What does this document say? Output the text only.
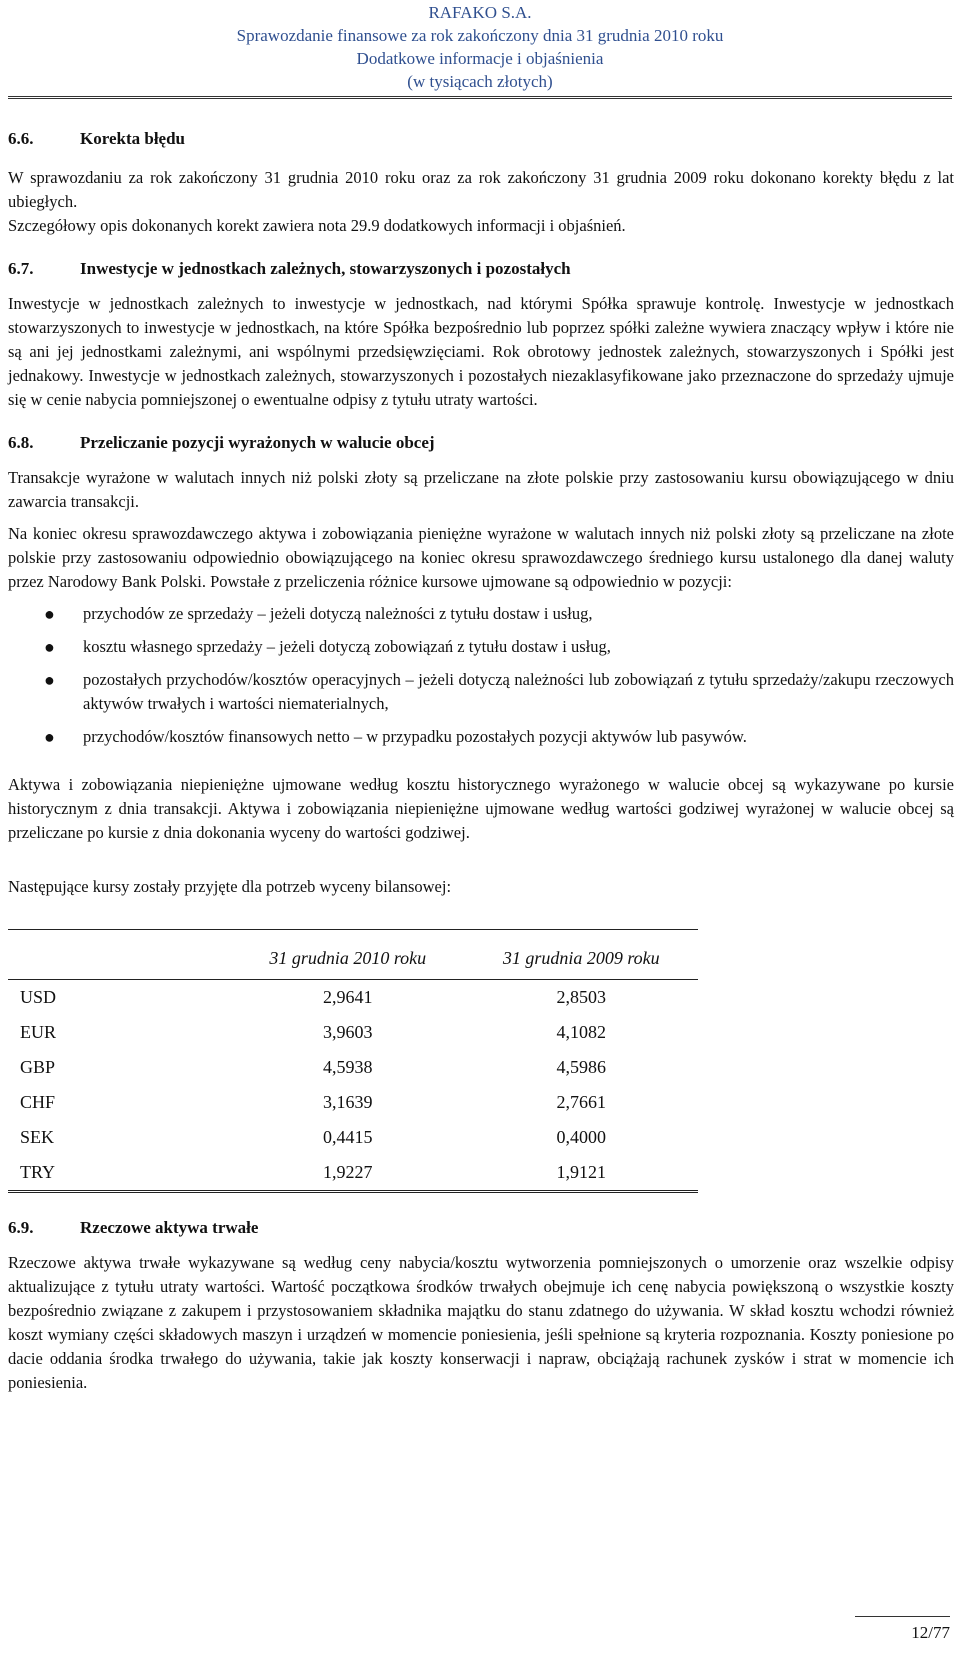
RAFAKO S.A.
Sprawozdanie finansowe za rok zakończony dnia 31 grudnia 2010 roku
Dodatkowe informacje i objaśnienia
(w tysiącach złotych)
6.6.	Korekta błędu

W sprawozdaniu za rok zakończony 31 grudnia 2010 roku oraz za rok zakończony 31 grudnia 2009 roku dokonano korekty błędu z lat ubiegłych.

Szczegółowy opis dokonanych korekt zawiera nota 29.9 dodatkowych informacji i objaśnień.

6.7.	Inwestycje w jednostkach zależnych, stowarzyszonych i pozostałych

Inwestycje w jednostkach zależnych to inwestycje w jednostkach, nad którymi Spółka sprawuje kontrolę. Inwestycje w jednostkach stowarzyszonych to inwestycje w jednostkach, na które Spółka bezpośrednio lub poprzez spółki zależne wywiera znaczący wpływ i które nie są ani jej jednostkami zależnymi, ani wspólnymi przedsięwzięciami. Rok obrotowy jednostek zależnych, stowarzyszonych i Spółki jest jednakowy. Inwestycje w jednostkach zależnych, stowarzyszonych i pozostałych niezaklasyfikowane jako przeznaczone do sprzedaży ujmuje się w cenie nabycia pomniejszonej o ewentualne odpisy z tytułu utraty wartości.

6.8.	Przeliczanie pozycji wyrażonych w walucie obcej

Transakcje wyrażone w walutach innych niż polski złoty są przeliczane na złote polskie przy zastosowaniu kursu obowiązującego w dniu zawarcia transakcji.

Na koniec okresu sprawozdawczego aktywa i zobowiązania pieniężne wyrażone w walutach innych niż polski złoty są przeliczane na złote polskie przy zastosowaniu odpowiednio obowiązującego na koniec okresu sprawozdawczego średniego kursu ustalonego dla danej waluty przez Narodowy Bank Polski. Powstałe z przeliczenia różnice kursowe ujmowane są odpowiednio w pozycji:

● przychodów ze sprzedaży – jeżeli dotyczą należności z tytułu dostaw i usług,
● kosztu własnego sprzedaży – jeżeli dotyczą zobowiązań z tytułu dostaw i usług,
● pozostałych przychodów/kosztów operacyjnych – jeżeli dotyczą należności lub zobowiązań z tytułu sprzedaży/zakupu rzeczowych aktywów trwałych i wartości niematerialnych,
● przychodów/kosztów finansowych netto – w przypadku pozostałych pozycji aktywów lub pasywów.

Aktywa i zobowiązania niepieniężne ujmowane według kosztu historycznego wyrażonego w walucie obcej są wykazywane po kursie historycznym z dnia transakcji. Aktywa i zobowiązania niepieniężne ujmowane według wartości godziwej wyrażonej w walucie obcej są przeliczane po kursie z dnia dokonania wyceny do wartości godziwej.

Następujące kursy zostały przyjęte dla potrzeb wyceny bilansowej:

	31 grudnia 2010 roku	31 grudnia 2009 roku
USD	2,9641	2,8503
EUR	3,9603	4,1082
GBP	4,5938	4,5986
CHF	3,1639	2,7661
SEK	0,4415	0,4000
TRY	1,9227	1,9121
6.9.	Rzeczowe aktywa trwałe

Rzeczowe aktywa trwałe wykazywane są według ceny nabycia/kosztu wytworzenia pomniejszonych o umorzenie oraz wszelkie odpisy aktualizujące z tytułu utraty wartości. Wartość początkowa środków trwałych obejmuje ich cenę nabycia powiększoną o wszystkie koszty bezpośrednio związane z zakupem i przystosowaniem składnika majątku do stanu zdatnego do używania. W skład kosztu wchodzi również koszt wymiany części składowych maszyn i urządzeń w momencie poniesienia, jeśli spełnione są kryteria rozpoznania. Koszty poniesione po dacie oddania środka trwałego do używania, takie jak koszty konserwacji i napraw, obciążają rachunek zysków i strat w momencie ich poniesienia.

12/77
